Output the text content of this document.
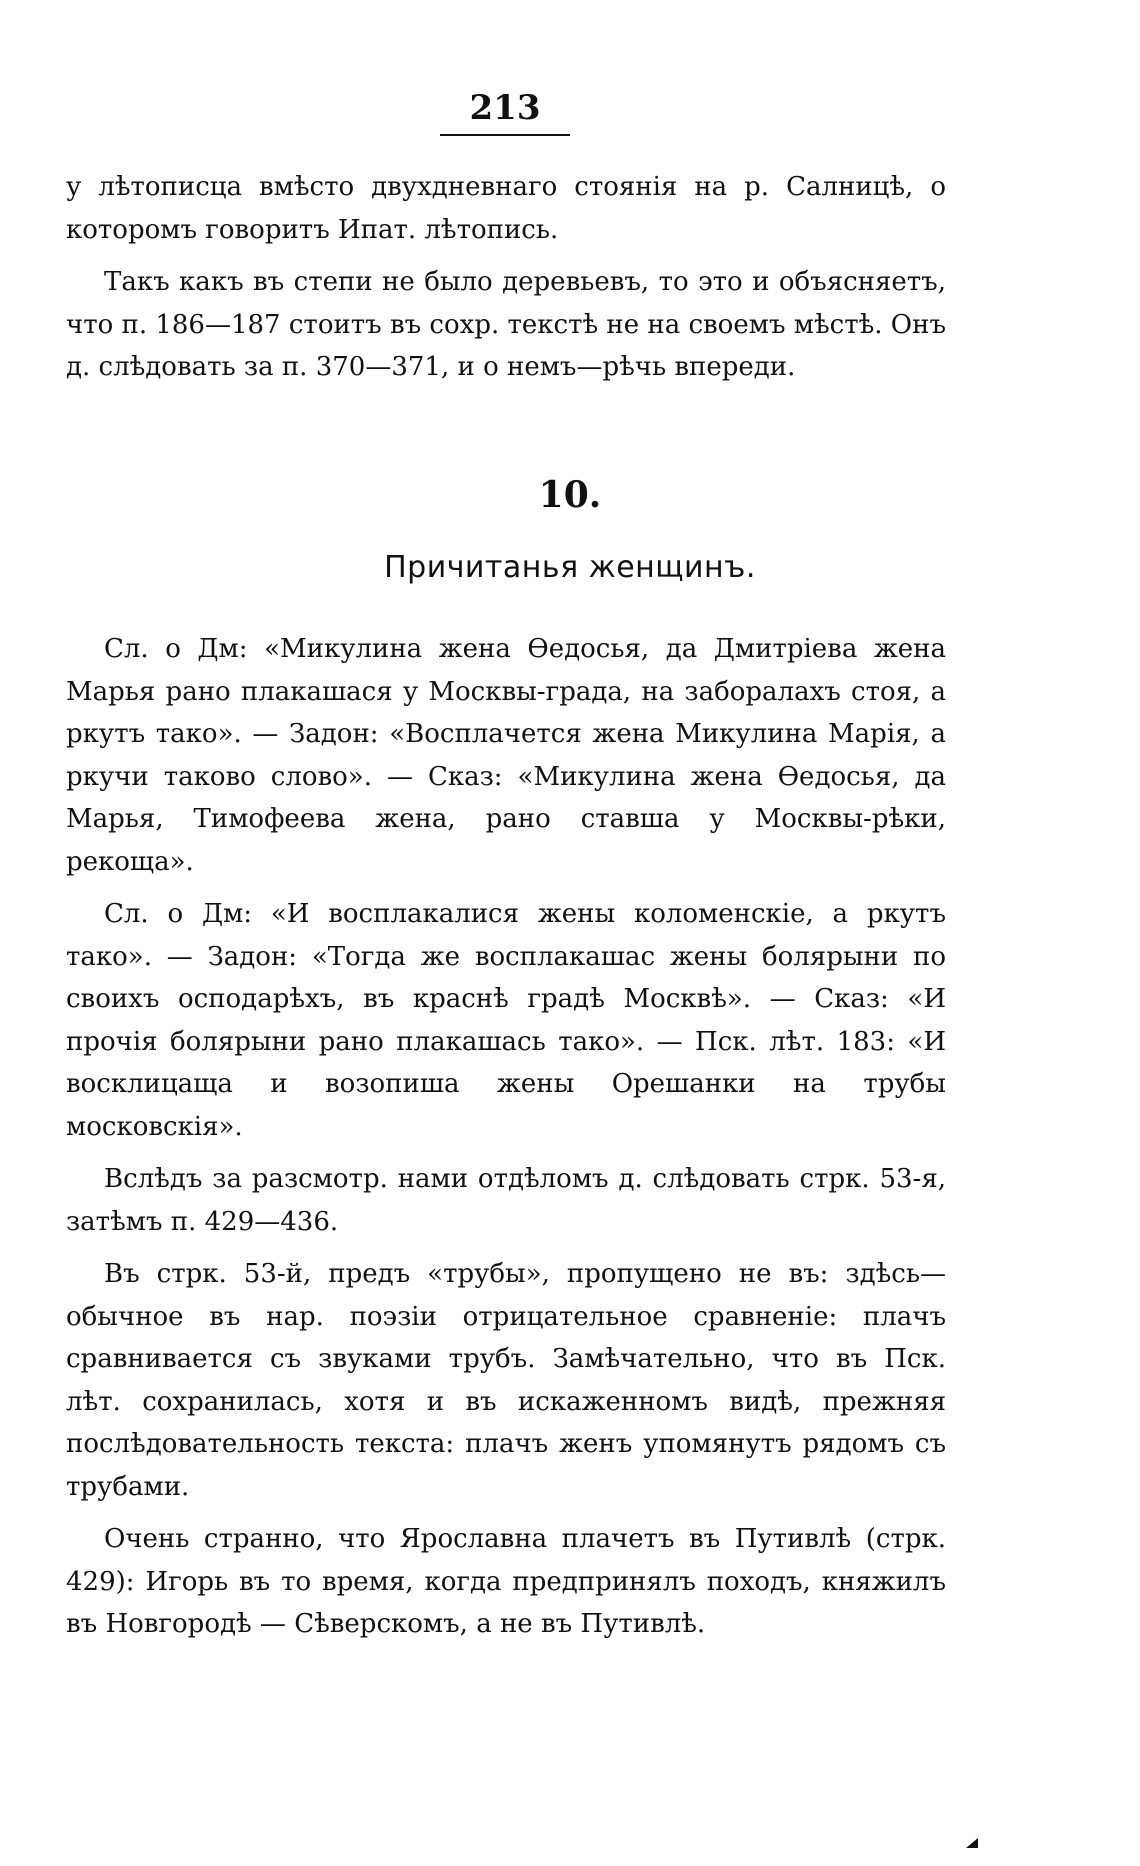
213

у лѣтописца вмѣсто двухдневнаго стоянія на р. Салницѣ, о которомъ говоритъ Ипат. лѣтопись.

Такъ какъ въ степи не было деревьевъ, то это и объясняетъ, что п. 186—187 стоитъ въ сохр. текстѣ не на своемъ мѣстѣ. Онъ д. слѣдовать за п. 370—371, и о немъ—рѣчь впереди.

10.
Причитанья женщинъ.

Сл. о Дм: «Микулина жена Ѳедосья, да Дмитріева жена Марья рано плакашася у Москвы-града, на заборалахъ стоя, а ркутъ тако». — Задон: «Восплачется жена Микулина Марія, а ркучи таково слово». — Сказ: «Микулина жена Ѳедосья, да Марья, Тимофеева жена, рано ставша у Москвы-рѣки, рекоща».

Сл. о Дм: «И восплакалися жены коломенскіе, а ркутъ тако». — Задон: «Тогда же восплакашас жены болярыни по своихъ осподарѣхъ, въ краснѣ градѣ Москвѣ». — Сказ: «И прочія болярыни рано плакашась тако». — Пск. лѣт. 183: «И восклицаща и возопиша жены Орешанки на трубы московскія».

Вслѣдъ за разсмотр. нами отдѣломъ д. слѣдовать стрк. 53-я, затѣмъ п. 429—436.

Въ стрк. 53-й, предъ «трубы», пропущено не въ: здѣсь—обычное въ нар. поэзіи отрицательное сравненіе: плачъ сравнивается съ звуками трубъ. Замѣчательно, что въ Пск. лѣт. сохранилась, хотя и въ искаженномъ видѣ, прежняя послѣдовательность текста: плачъ женъ упомянутъ рядомъ съ трубами.

Очень странно, что Ярославна плачетъ въ Путивлѣ (стрк. 429): Игорь въ то время, когда предпринялъ походъ, княжилъ въ Новгородѣ — Сѣверскомъ, а не въ Путивлѣ.
